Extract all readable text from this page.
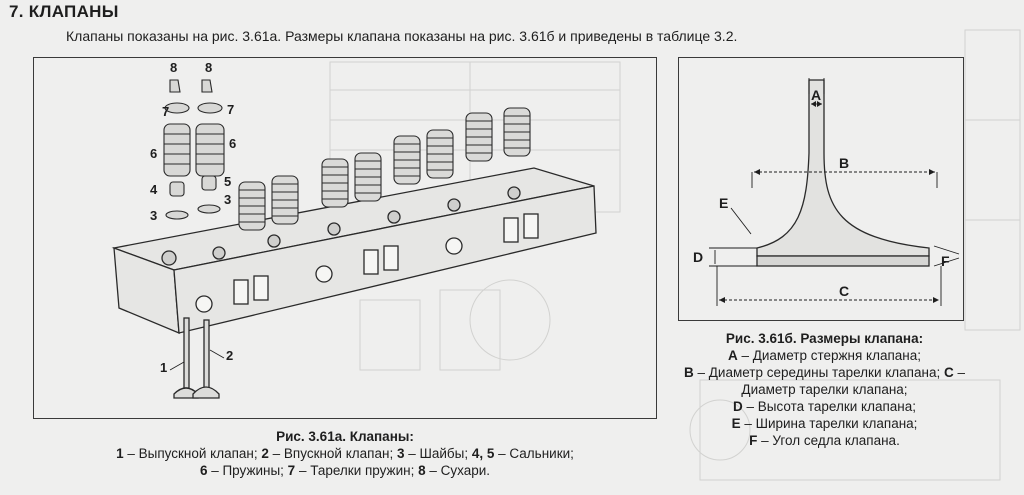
7. КЛАПАНЫ
Клапаны показаны на рис. 3.61а. Размеры клапана показаны на рис. 3.61б и приведены в таблице 3.2.
8 8
7	7
6
6
4
5
3
3
1
2
Рис. 3.61а. Клапаны:
1 – Выпускной клапан; 2 – Впускной клапан; 3 – Шайбы; 4, 5 – Сальники;
6 – Пружины; 7 – Тарелки пружин; 8 – Сухари.
A
B
C
D
E
F
Рис. 3.61б. Размеры клапана:
A – Диаметр стержня клапана;
B – Диаметр середины тарелки клапана; C – Диаметр тарелки клапана;
D – Высота тарелки клапана;
E – Ширина тарелки клапана;
F – Угол седла клапана.
